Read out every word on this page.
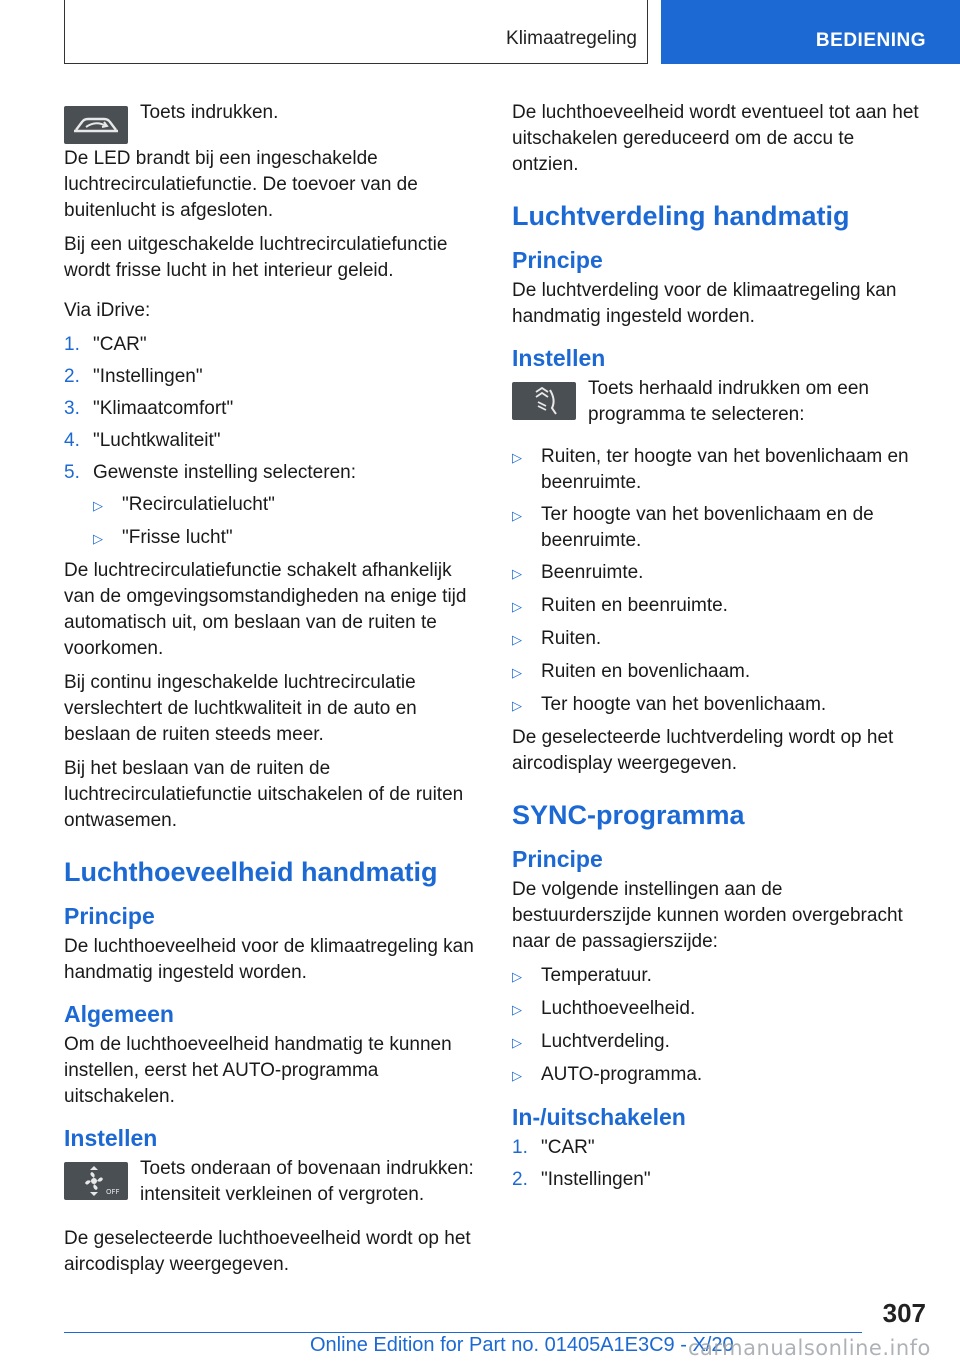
Klimaatregeling	BEDIENING

Toets indrukken.

De LED brandt bij een ingeschakelde luchtrecirculatiefunctie. De toevoer van de buitenlucht is afgesloten.

Bij een uitgeschakelde luchtrecirculatiefunctie wordt frisse lucht in het interieur geleid.

Via iDrive:

1. "CAR"
2. "Instellingen"
3. "Klimaatcomfort"
4. "Luchtkwaliteit"
5. Gewenste instelling selecteren:
▷	"Recirculatielucht"
▷	"Frisse lucht"

De luchtrecirculatiefunctie schakelt afhankelijk van de omgevingsomstandigheden na enige tijd automatisch uit, om beslaan van de ruiten te voorkomen.

Bij continu ingeschakelde luchtrecirculatie verslechtert de luchtkwaliteit in de auto en beslaan de ruiten steeds meer.

Bij het beslaan van de ruiten de luchtrecirculatiefunctie uitschakelen of de ruiten ontwasemen.

Luchthoeveelheid handmatig
Principe

De luchthoeveelheid voor de klimaatregeling kan handmatig ingesteld worden.

Algemeen

Om de luchthoeveelheid handmatig te kunnen instellen, eerst het AUTO-programma uitschakelen.

Instellen
OFF

Toets onderaan of bovenaan indrukken: intensiteit verkleinen of vergroten.

De geselecteerde luchthoeveelheid wordt op het aircodisplay weergegeven.

De luchthoeveelheid wordt eventueel tot aan het uitschakelen gereduceerd om de accu te ontzien.

Luchtverdeling handmatig
Principe

De luchtverdeling voor de klimaatregeling kan handmatig ingesteld worden.

Instellen

Toets herhaald indrukken om een programma te selecteren:

▷	Ruiten, ter hoogte van het bovenlichaam en beenruimte.
▷	Ter hoogte van het bovenlichaam en de beenruimte.
▷	Beenruimte.
▷	Ruiten en beenruimte.
▷	Ruiten.
▷	Ruiten en bovenlichaam.
▷	Ter hoogte van het bovenlichaam.

De geselecteerde luchtverdeling wordt op het aircodisplay weergegeven.

SYNC-programma
Principe

De volgende instellingen aan de bestuurderszijde kunnen worden overgebracht naar de passagierszijde:

▷	Temperatuur.
▷	Luchthoeveelheid.
▷	Luchtverdeling.
▷	AUTO-programma.
In-/uitschakelen
1. "CAR"
2. "Instellingen"
307
Online Edition for Part no. 01405A1E3C9 - X/20
carmanualsonline.info
